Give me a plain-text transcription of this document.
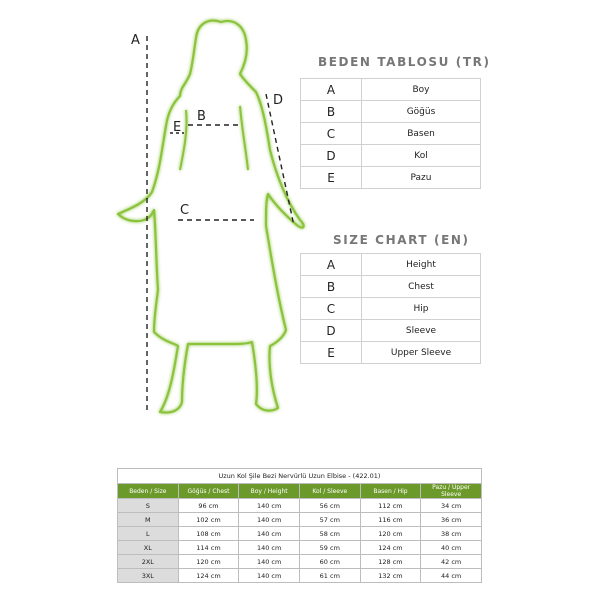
A
B
E
C
D
BEDEN TABLOSU (TR)
A	Boy
B	Göğüs
C	Basen
D	Kol
E	Pazu
SIZE CHART (EN)
A	Height
B	Chest
C	Hip
D	Sleeve
E	Upper Sleeve
Uzun Kol Şile Bezi Nervürlü Uzun Elbise - (422.01)					
Beden / Size	Göğüs / Chest	Boy / Height	Kol / Sleeve	Basen / Hip	Pazu / Upper Sleeve
S	96 cm	140 cm	56 cm	112 cm	34 cm
M	102 cm	140 cm	57 cm	116 cm	36 cm
L	108 cm	140 cm	58 cm	120 cm	38 cm
XL	114 cm	140 cm	59 cm	124 cm	40 cm
2XL	120 cm	140 cm	60 cm	128 cm	42 cm
3XL	124 cm	140 cm	61 cm	132 cm	44 cm
